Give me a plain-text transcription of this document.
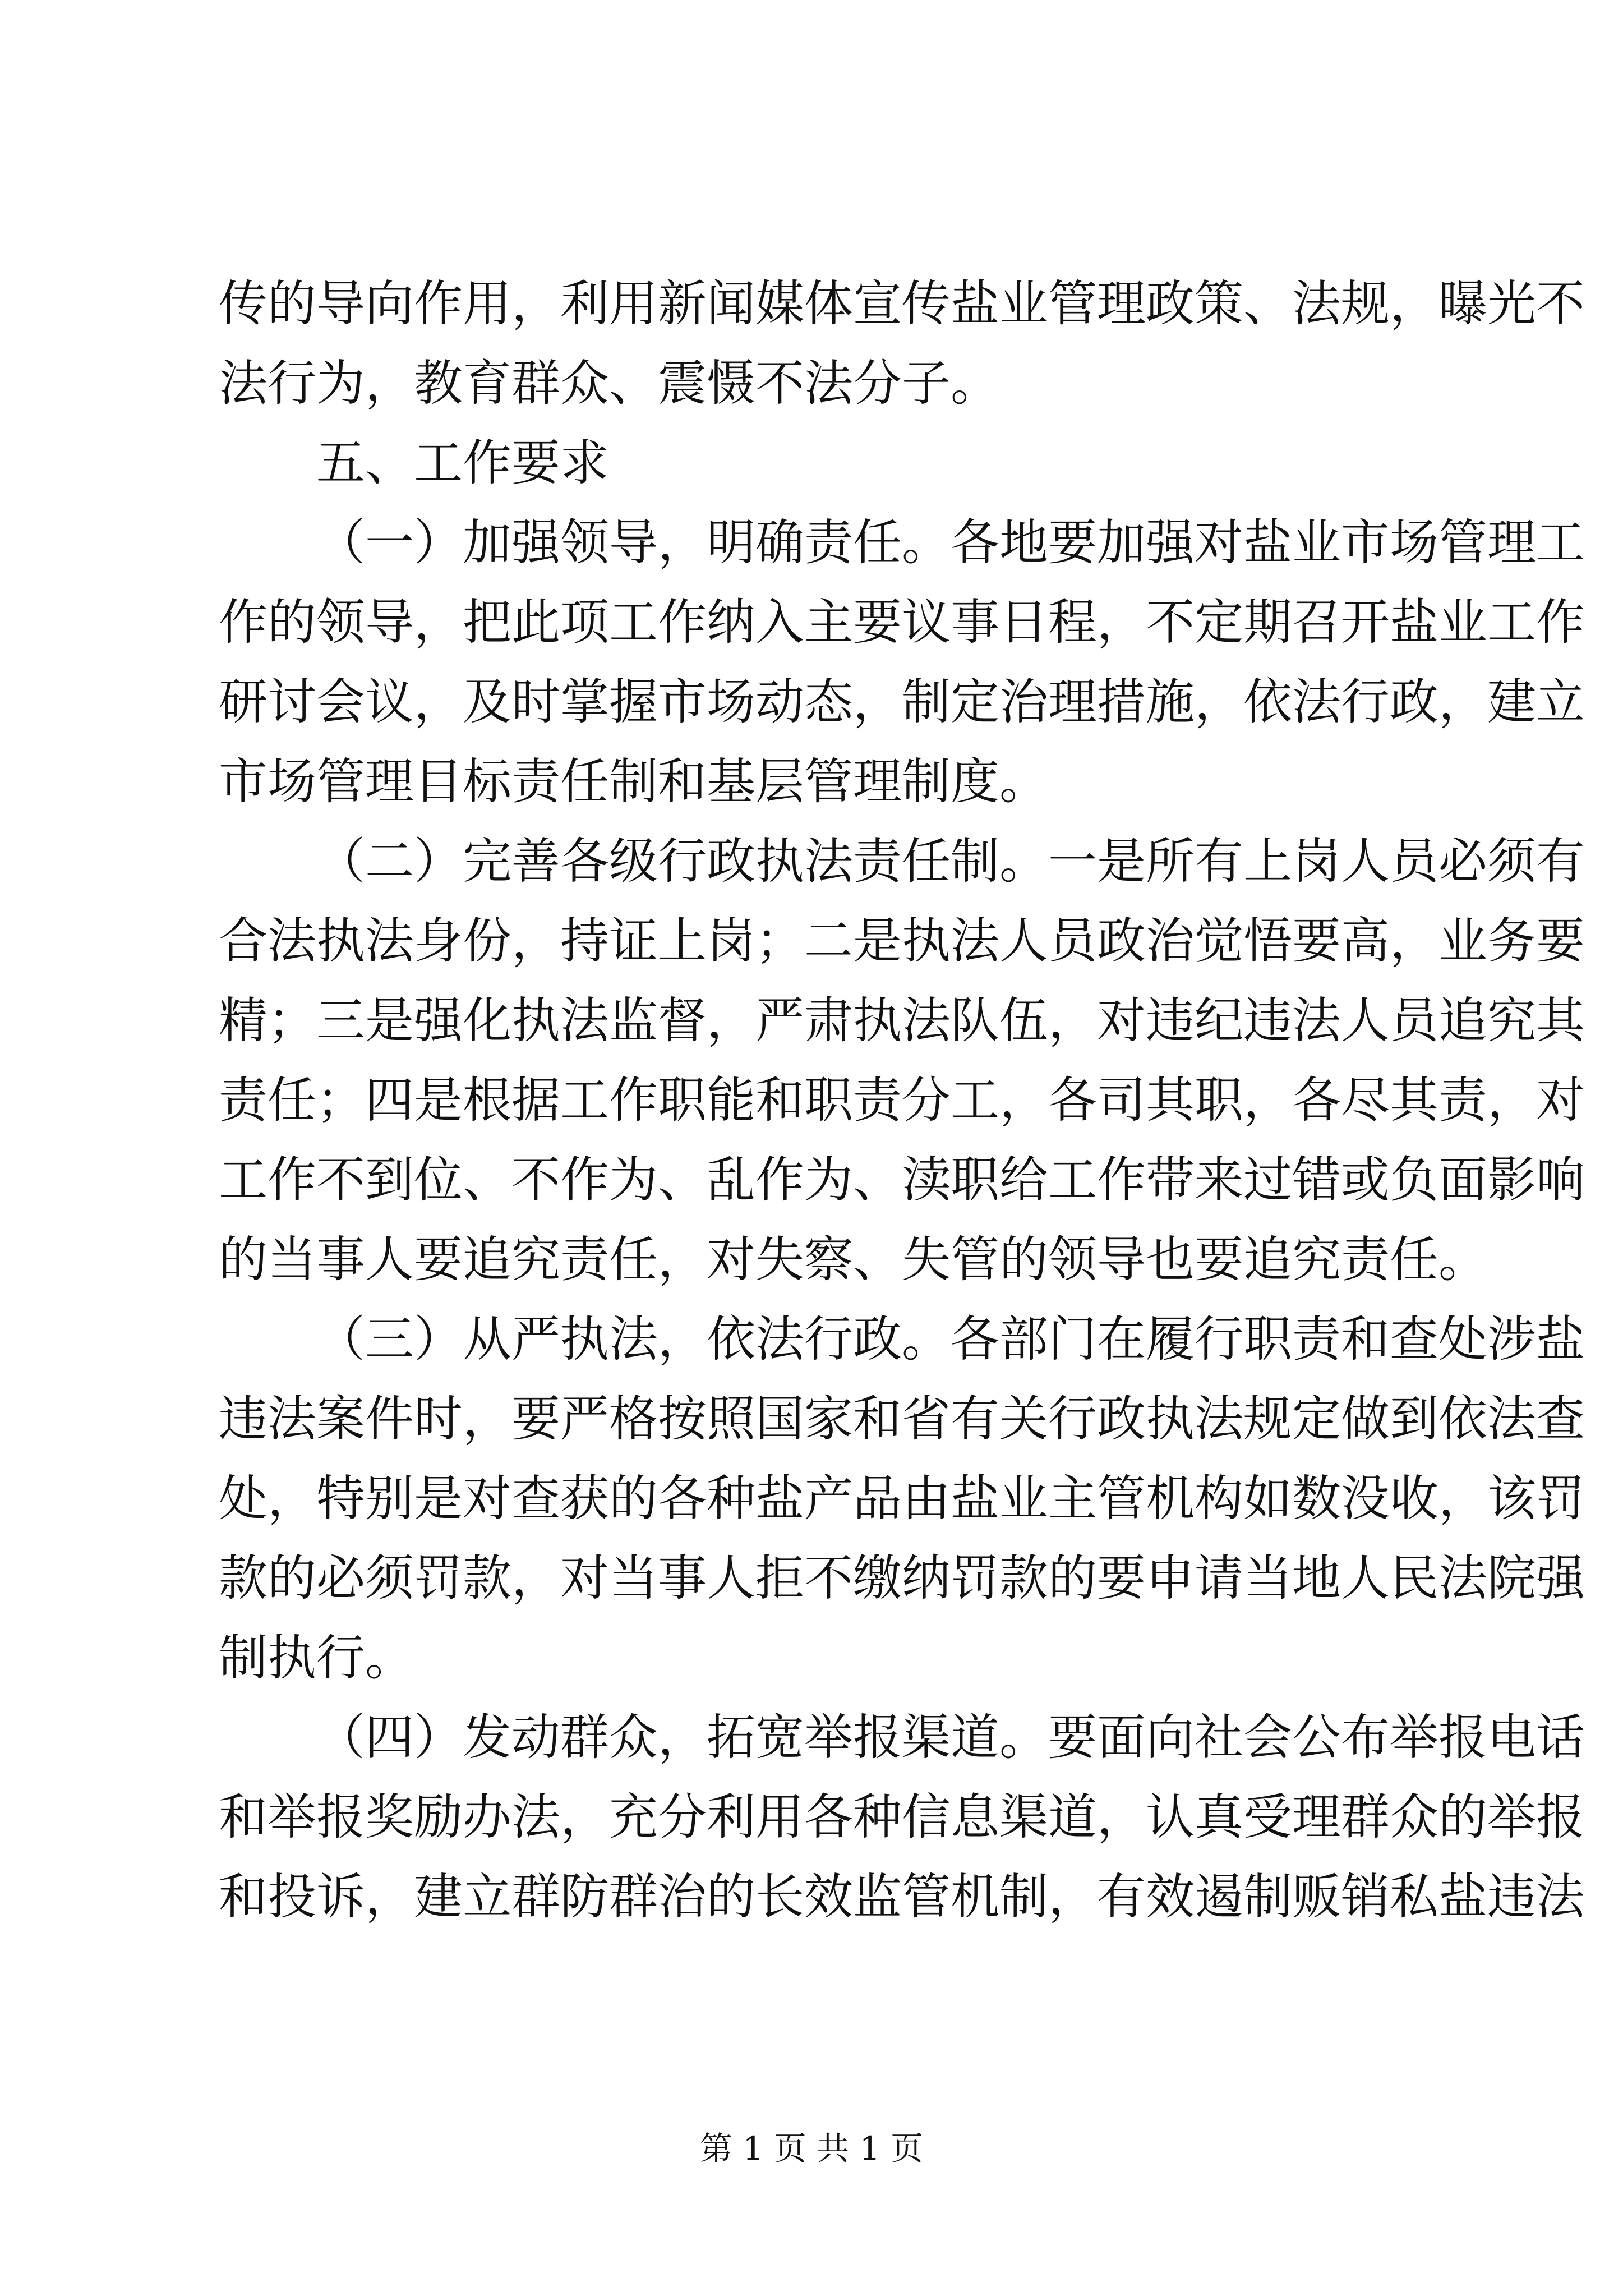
传的导向作用，利用新闻媒体宣传盐业管理政策、法规，曝光不
法行为，教育群众、震慑不法分子。
五、工作要求
（一）加强领导，明确责任。各地要加强对盐业市场管理工
作的领导，把此项工作纳入主要议事日程，不定期召开盐业工作
研讨会议，及时掌握市场动态，制定治理措施，依法行政，建立
市场管理目标责任制和基层管理制度。
（二）完善各级行政执法责任制。一是所有上岗人员必须有
合法执法身份，持证上岗；二是执法人员政治觉悟要高，业务要
精；三是强化执法监督，严肃执法队伍，对违纪违法人员追究其
责任；四是根据工作职能和职责分工，各司其职，各尽其责，对
工作不到位、不作为、乱作为、渎职给工作带来过错或负面影响
的当事人要追究责任，对失察、失管的领导也要追究责任。
（三）从严执法，依法行政。各部门在履行职责和查处涉盐
违法案件时，要严格按照国家和省有关行政执法规定做到依法查
处，特别是对查获的各种盐产品由盐业主管机构如数没收，该罚
款的必须罚款，对当事人拒不缴纳罚款的要申请当地人民法院强
制执行。
（四）发动群众，拓宽举报渠道。要面向社会公布举报电话
和举报奖励办法，充分利用各种信息渠道，认真受理群众的举报
和投诉，建立群防群治的长效监管机制，有效遏制贩销私盐违法
第 1 页 共 1 页
